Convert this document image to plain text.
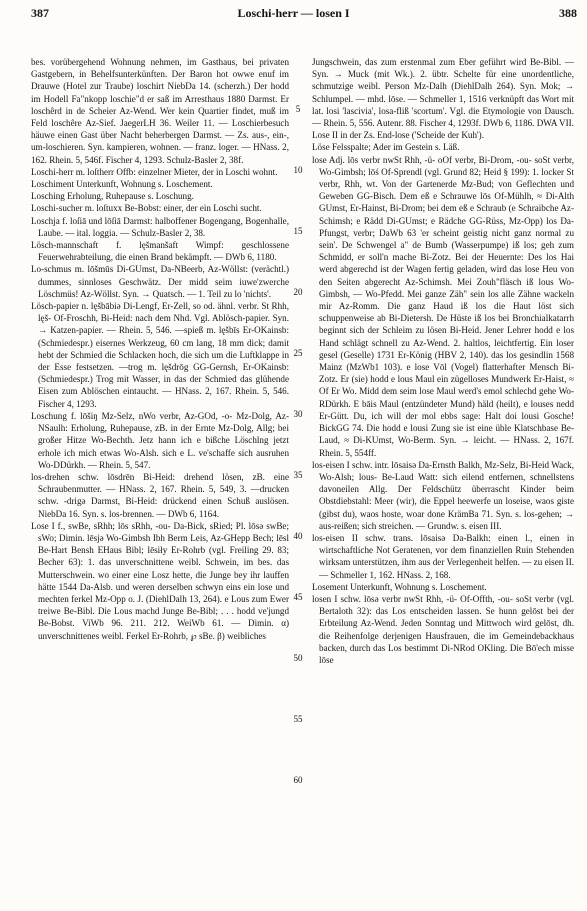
387	Loschi-herr — losen I	388

bes. vorübergehend Wohnung nehmen, im Gasthaus, bei privaten Gastgebern, in Behelfsunterkünften. Der Baron hot owwe enuf im Drauwe (Hotel zur Traube) loschirt NiebDa 14. (scherzh.) Der hodd im Hodell Fa"nkopp loschie"d er saß im Arresthaus 1880 Darmst. Er loschêrd in de Scheier Az-Wend. Wer kein Quartier findet, muß im Feld loschêre Az-Sief. JaegerLH 36. Weiler 11. — Loschierbesuch häuwe einen Gast über Nacht beherbergen Darmst. — Zs. aus-, ein-, um-loschieren. Syn. kampieren, wohnen. — franz. loger. — HNass. 2, 162. Rhein. 5, 546f. Fischer 4, 1293. Schulz-Basler 2, 38f.

Loschi-herr m. loſtherr Offb: einzelner Mieter, der in Loschi wohnt.

Loschiment Unterkunft, Wohnung s. Loschement.

Losching Erholung, Ruhepause s. Loschung.

Loschi-sucher m. loſtuxx Be-Bobst: einer, der ein Loschi sucht.

Loschja f. loſiā und lōſiā Darmst: halboffener Bogengang, Bogenhalle, Laube. — ital. loggia. — Schulz-Basler 2, 38.

Lösch-mannschaft f. lęšmanšaft Wimpf: geschlossene Feuerwehrabteilung, die einen Brand bekämpft. — DWb 6, 1180.

Lo-schmus m. lōšmūs Di-GUmst, Da-NBeerb, Az-Wöllst: (verächtl.) dummes, sinnloses Geschwätz. Der midd seim iuwe'zwerche Löschmüs! Az-Wöllst. Syn. → Quatsch. — 1. Teil zu lo 'nichts'.

Lösch-papier n. lęšbābiə Di-Lengf, Er-Zell, so od. ähnl. verbr. St Rhh, lęš- Of-Froschh, Bi-Heid: nach dem Nhd. Vgl. Ablösch-papier. Syn. → Katzen-papier. — Rhein. 5, 546. —spieß m. lęšbīs Er-OKainsb: (Schmiedespr.) eisernes Werkzeug, 60 cm lang, 18 mm dick; damit hebt der Schmied die Schlacken hoch, die sich um die Luftklappe in der Esse festsetzen. —trog m. lęšdrōg GG-Gernsh, Er-OKainsb: (Schmiedespr.) Trog mit Wasser, in das der Schmied das glühende Eisen zum Ablöschen eintaucht. — HNass. 2, 167. Rhein. 5, 546. Fischer 4, 1293.

Loschung f. lōšiŋ Mz-Selz, nWo verbr, Az-GOd, -o- Mz-Dolg, Az-NSaulh: Erholung, Ruhepause, zB. in der Ernte Mz-Dolg, Allg; bei großer Hitze Wo-Bechth. Jetz hann ich e bißche Löschlng jetzt erhole ich mich etwas Wo-Alsh. sich e L. ve'schaffe sich ausruhen Wo-DDürkh. — Rhein. 5, 547.

los-drehen schw. lōsdrēn Bi-Heid: drehend lösen, zB. eine Schraubenmutter. — HNass. 2, 167. Rhein. 5, 549, 3. —drucken schw. -drigə Darmst, Bi-Heid: drückend einen Schuß auslösen. NiebDa 16. Syn. s. los-brennen. — DWb 6, 1164.

Lose I f., swBe, sRhh; lōs sRhh, -ou- Da-Bick, sRied; Pl. lōsə swBe; sWo; Dimin. lēsjə Wo-Gimbsh Ibh Berm Leis, Az-GHepp Bech; lēsl Be-Hart Bensh EHaus Bibl; lēsiły Er-Rohrb (vgl. Freiling 29. 83; Becher 63): 1. das unverschnittene weibl. Schwein, im bes. das Mutterschwein. wo einer eine Losz hette, die Junge bey ihr lauffen hätte 1544 Da-Alsb. und weren derselben schwyn eins ein lose und mechten ferkel Mz-Opp o. J. (DiehlDalh 13, 264). e Lous zum Ewer treiwe Be-Bibl. Die Lous machd Junge Be-Bibl; . . . hodd ve'jungd Be-Bobst. ViWb 96. 211. 212. WeiWb 61. — Dimin. α) unverschnittenes weibl. Ferkel Er-Rohrb, ℘ sBe. β) weibliches

5
10
15
20
25
30
35
40
45
50
55
60

Jungschwein, das zum erstenmal zum Eber geführt wird Be-Bibl. — Syn. → Muck (mit Wk.). 2. übtr. Schelte für eine unordentliche, schmutzige weibl. Person Mz-Dalh (DiehlDalh 264). Syn. Mok; → Schlumpel. — mhd. lōse. — Schmeller 1, 1516 verknüpft das Wort mit lat. losi 'lascivia', losa-fliß 'scortum'. Vgl. die Etymologie von Dausch. — Rhein. 5, 556. Autenr. 88. Fischer 4, 1293f. DWb 6, 1186. DWA VII.

Lose II in der Zs. End-lose ('Scheide der Kuh').

Löse Felsspalte; Ader im Gestein s. Läß.

lose Adj. lōs verbr nwSt Rhh, -ü- oOf verbr, Bi-Drom, -ou- soSt verbr, Wo-Gimbsh; lōś Of-Sprendl (vgl. Grund 82; Heid § 199): 1. locker St verbr, Rhh, wt. Von der Gartenerde Mz-Bud; von Geflechten und Geweben GG-Bisch. Dem eß e Schrauwe lōs Of-Mühlh, ≈ Di-Alth GUmst, Er-Hainst, Bi-Drom; bei dem eß e Schraub (e Schraibche Az-Schimsh; e Rädd Di-GUmst; e Rädche GG-Rüss, Mz-Opp) los Da-Pfungst, verbr; DaWb 63 'er scheint geistig nicht ganz normal zu sein'. De Schwengel a" de Bumb (Wasserpumpe) iß los; geh zum Schmidd, er soll'n mache Bi-Zotz. Bei der Heuernte: Des los Hai werd abgerechd ist der Wagen fertig geladen, wird das lose Heu von den Seiten abgerecht Az-Schimsh. Mei Zouh"fläsch iß lous Wo-Gimbsh, — Wo-Pfedd. Mei ganze Zäh" sein los alle Zähne wackeln mir Az-Romm. Die ganz Haud iß los die Haut löst sich schuppenweise ab Bi-Dietersh. De Hüste iß los bei Bronchialkatarrh beginnt sich der Schleim zu lösen Bi-Heid. Jener Lehrer hodd e los Hand schlägt schnell zu Az-Wend. 2. haltlos, leichtfertig. Ein loser gesel (Geselle) 1731 Er-König (HBV 2, 140). das los gesindlin 1568 Mainz (MzWb1 103). e lose Vōl (Vogel) flatterhafter Mensch Bi-Zotz. Er (sie) hodd e lous Maul ein zügelloses Mundwerk Er-Haist, ≈ Of Er Wo. Midd dem seim lose Maul werd's emol schlechd gehe Wo-RDürkh. E bāis Maul (entzündeter Mund) häld (heilt), e louses nedd Er-Gütt. Du, ich will der mol ebbs sage: Halt doi lousi Gosche! BickGG 74. Die hodd e lousi Zung sie ist eine üble Klatschbase Be-Laud, ≈ Di-KUmst, Wo-Berm. Syn. → leicht. — HNass. 2, 167f. Rhein. 5, 554ff.

los-eisen I schw. intr. lōsaisə Da-Ernsth Balkh, Mz-Selz, Bi-Heid Wack, Wo-Alsh; lous- Be-Laud Watt: sich eilend entfernen, schnellstens davoneilen Allg. Der Feldschütz überrascht Kinder beim Obstdiebstahl: Meer (wir), die Eppel heewerfe un loseise, waos giste (gibst du), waos hoste, woar done KrämBa 71. Syn. s. los-gehen; → aus-reißen; sich streichen. — Grundw. s. eisen III.

los-eisen II schw. trans. lōsaisə Da-Balkh: einen l., einen in wirtschaftliche Not Geratenen, vor dem finanziellen Ruin Stehenden wirksam unterstützen, ihm aus der Verlegenheit helfen. — zu eisen II. — Schmeller 1, 162. HNass. 2, 168.

Losement Unterkunft, Wohnung s. Loschement.

losen I schw. lōsə verbr nwSt Rhh, -ü- Of-Offth, -ou- soSt verbr (vgl. Bertaloth 32): das Los entscheiden lassen. Se hunn gelōst bei der Erbteilung Az-Wend. Jeden Sonntag und Mittwoch wird gelōst, dh. die Reihenfolge derjenigen Hausfrauen, die im Gemeindebackhaus backen, durch das Los bestimmt Di-NRod OKling. Die Bō'ech misse lōse
